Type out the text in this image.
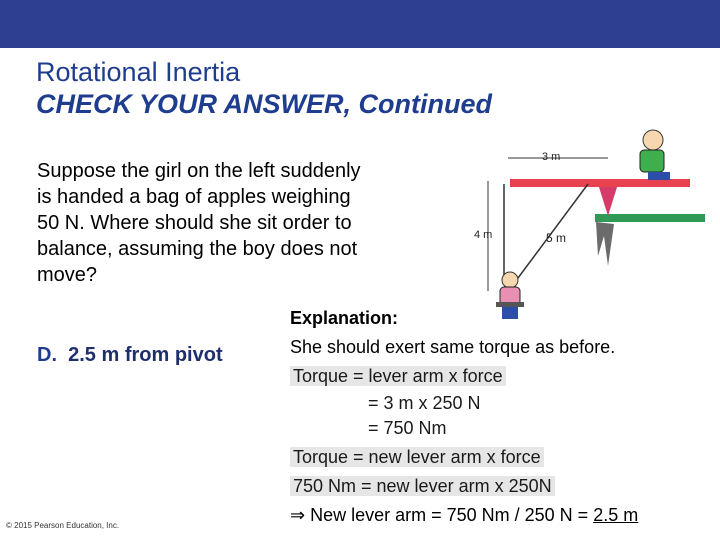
Rotational Inertia
CHECK YOUR ANSWER, Continued
Suppose the girl on the left suddenly
is handed a bag of apples weighing
50 N. Where should she sit order to
balance, assuming the boy does not
move?
D. 2.5 m from pivot
Explanation:
She should exert same torque as before.
Torque = lever arm x force
= 3 m x 250 N
= 750 Nm
Torque = new lever arm x force
750 Nm = new lever arm x 250N
⇒ New lever arm = 750 Nm / 250 N = 2.5 m
3 m
4 m	5 m
© 2015 Pearson Education, Inc.
